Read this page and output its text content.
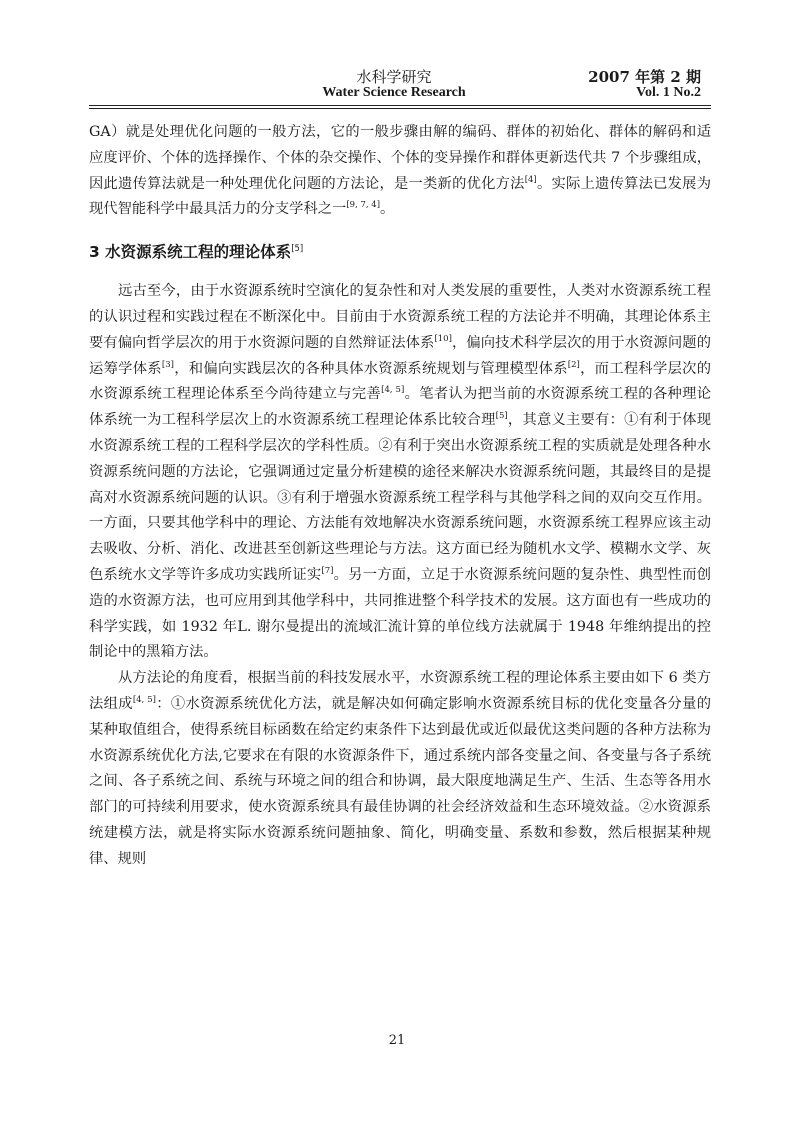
水科学研究
Water Science Research
2007 年第 2 期
Vol. 1 No.2

GA）就是处理优化问题的一般方法，它的一般步骤由解的编码、群体的初始化、群体的解码和适应度评价、个体的选择操作、个体的杂交操作、个体的变异操作和群体更新迭代共 7 个步骤组成，因此遗传算法就是一种处理优化问题的方法论，是一类新的优化方法[4]。实际上遗传算法已发展为现代智能科学中最具活力的分支学科之一[9, 7, 4]。

3 水资源系统工程的理论体系[5]

远古至今，由于水资源系统时空演化的复杂性和对人类发展的重要性，人类对水资源系统工程的认识过程和实践过程在不断深化中。目前由于水资源系统工程的方法论并不明确，其理论体系主要有偏向哲学层次的用于水资源问题的自然辩证法体系[10]，偏向技术科学层次的用于水资源问题的运筹学体系[3]，和偏向实践层次的各种具体水资源系统规划与管理模型体系[2]，而工程科学层次的水资源系统工程理论体系至今尚待建立与完善[4, 5]。笔者认为把当前的水资源系统工程的各种理论体系统一为工程科学层次上的水资源系统工程理论体系比较合理[5]，其意义主要有：①有利于体现水资源系统工程的工程科学层次的学科性质。②有利于突出水资源系统工程的实质就是处理各种水资源系统问题的方法论，它强调通过定量分析建模的途径来解决水资源系统问题，其最终目的是提高对水资源系统问题的认识。③有利于增强水资源系统工程学科与其他学科之间的双向交互作用。一方面，只要其他学科中的理论、方法能有效地解决水资源系统问题，水资源系统工程界应该主动去吸收、分析、消化、改进甚至创新这些理论与方法。这方面已经为随机水文学、模糊水文学、灰色系统水文学等许多成功实践所证实[7]。另一方面，立足于水资源系统问题的复杂性、典型性而创造的水资源方法，也可应用到其他学科中，共同推进整个科学技术的发展。这方面也有一些成功的科学实践，如 1932 年L. 谢尔曼提出的流域汇流计算的单位线方法就属于 1948 年维纳提出的控制论中的黑箱方法。

从方法论的角度看，根据当前的科技发展水平，水资源系统工程的理论体系主要由如下 6 类方法组成[4, 5]：①水资源系统优化方法，就是解决如何确定影响水资源系统目标的优化变量各分量的某种取值组合，使得系统目标函数在给定约束条件下达到最优或近似最优这类问题的各种方法称为水资源系统优化方法,它要求在有限的水资源条件下，通过系统内部各变量之间、各变量与各子系统之间、各子系统之间、系统与环境之间的组合和协调，最大限度地满足生产、生活、生态等各用水部门的可持续利用要求，使水资源系统具有最佳协调的社会经济效益和生态环境效益。②水资源系统建模方法，就是将实际水资源系统问题抽象、简化，明确变量、系数和参数，然后根据某种规律、规则

21
